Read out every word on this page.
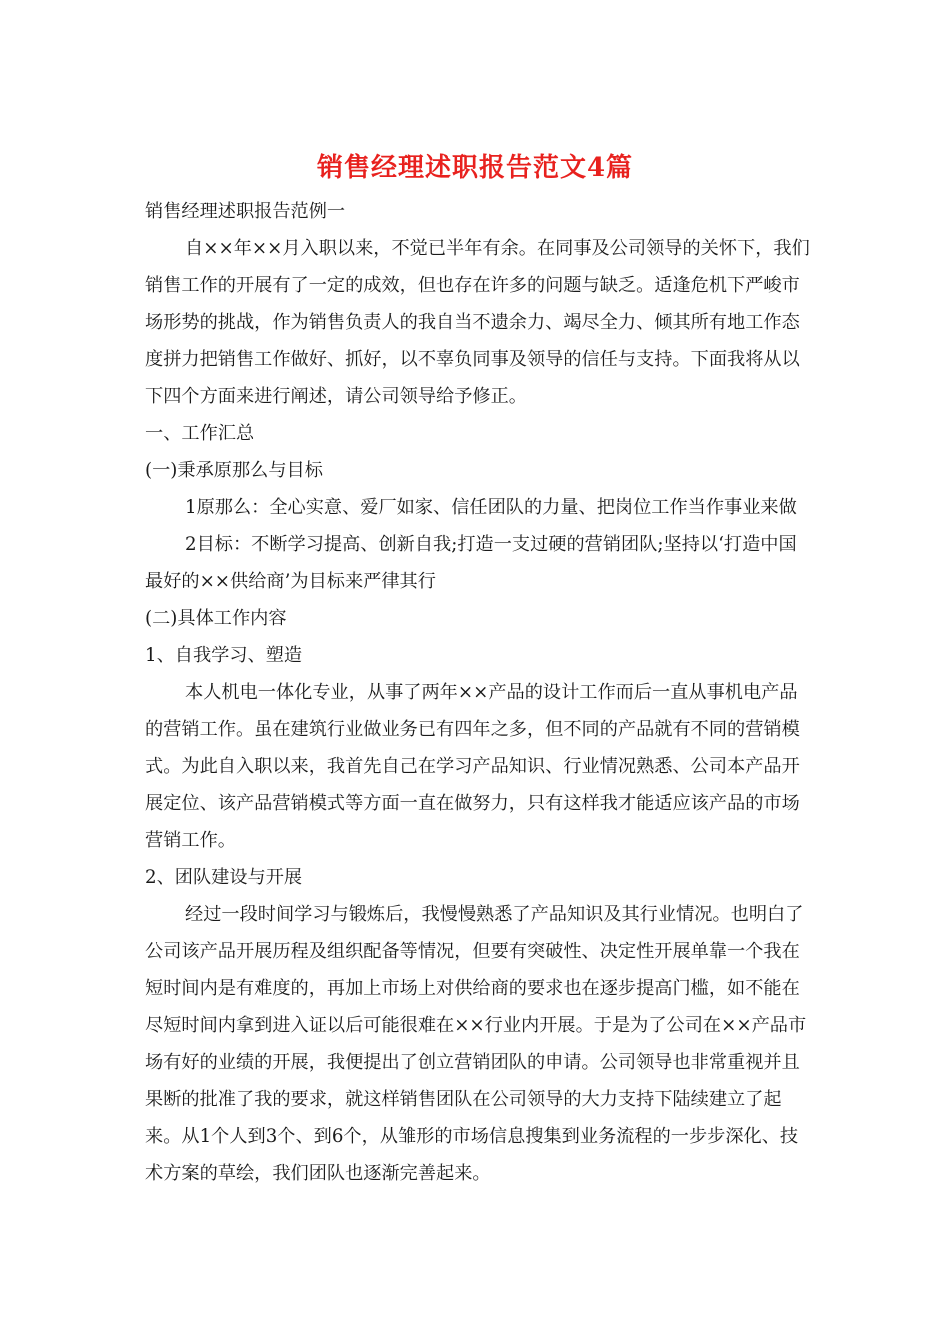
销售经理述职报告范文4篇

销售经理述职报告范例一

自××年××月入职以来，不觉已半年有余。在同事及公司领导的关怀下，我们销售工作的开展有了一定的成效，但也存在许多的问题与缺乏。适逢危机下严峻市场形势的挑战，作为销售负责人的我自当不遗余力、竭尽全力、倾其所有地工作态度拼力把销售工作做好、抓好，以不辜负同事及领导的信任与支持。下面我将从以下四个方面来进行阐述，请公司领导给予修正。

一、工作汇总

(一)秉承原那么与目标

1原那么：全心实意、爱厂如家、信任团队的力量、把岗位工作当作事业来做

2目标：不断学习提高、创新自我;打造一支过硬的营销团队;坚持以‘打造中国最好的××供给商’为目标来严律其行

(二)具体工作内容

1、自我学习、塑造

本人机电一体化专业，从事了两年××产品的设计工作而后一直从事机电产品的营销工作。虽在建筑行业做业务已有四年之多，但不同的产品就有不同的营销模式。为此自入职以来，我首先自己在学习产品知识、行业情况熟悉、公司本产品开展定位、该产品营销模式等方面一直在做努力，只有这样我才能适应该产品的市场营销工作。

2、团队建设与开展

经过一段时间学习与锻炼后，我慢慢熟悉了产品知识及其行业情况。也明白了公司该产品开展历程及组织配备等情况，但要有突破性、决定性开展单靠一个我在短时间内是有难度的，再加上市场上对供给商的要求也在逐步提高门槛，如不能在尽短时间内拿到进入证以后可能很难在××行业内开展。于是为了公司在××产品市场有好的业绩的开展，我便提出了创立营销团队的申请。公司领导也非常重视并且果断的批准了我的要求，就这样销售团队在公司领导的大力支持下陆续建立了起来。从1个人到3个、到6个，从雏形的市场信息搜集到业务流程的一步步深化、技术方案的草绘，我们团队也逐渐完善起来。
